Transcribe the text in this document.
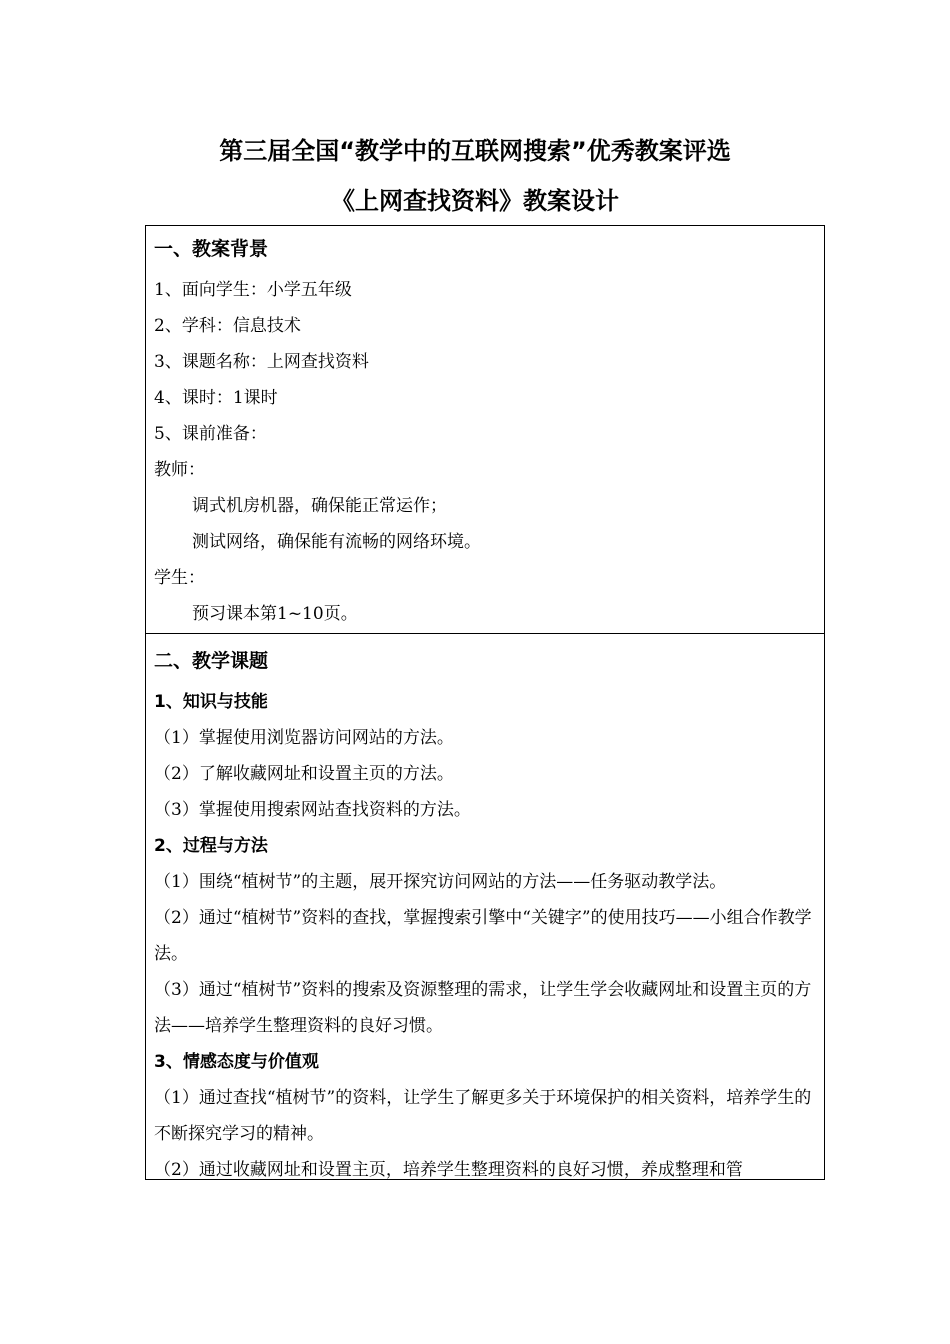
第三届全国“教学中的互联网搜索”优秀教案评选
《上网查找资料》教案设计
一、教案背景
1、面向学生：小学五年级
2、学科：信息技术
3、课题名称：上网查找资料
4、课时：1课时
5、课前准备：
教师：
调式机房机器，确保能正常运作；
测试网络，确保能有流畅的网络环境。
学生：
预习课本第1~10页。
二、教学课题
1、知识与技能
（1）掌握使用浏览器访问网站的方法。
（2）了解收藏网址和设置主页的方法。
（3）掌握使用搜索网站查找资料的方法。
2、过程与方法
（1）围绕“植树节”的主题，展开探究访问网站的方法——任务驱动教学法。
（2）通过“植树节”资料的查找，掌握搜索引擎中“关键字”的使用技巧——小组合作教学法。
（3）通过“植树节”资料的搜索及资源整理的需求，让学生学会收藏网址和设置主页的方法——培养学生整理资料的良好习惯。
3、情感态度与价值观
（1）通过查找“植树节”的资料，让学生了解更多关于环境保护的相关资料，培养学生的不断探究学习的精神。
（2）通过收藏网址和设置主页，培养学生整理资料的良好习惯，养成整理和管
